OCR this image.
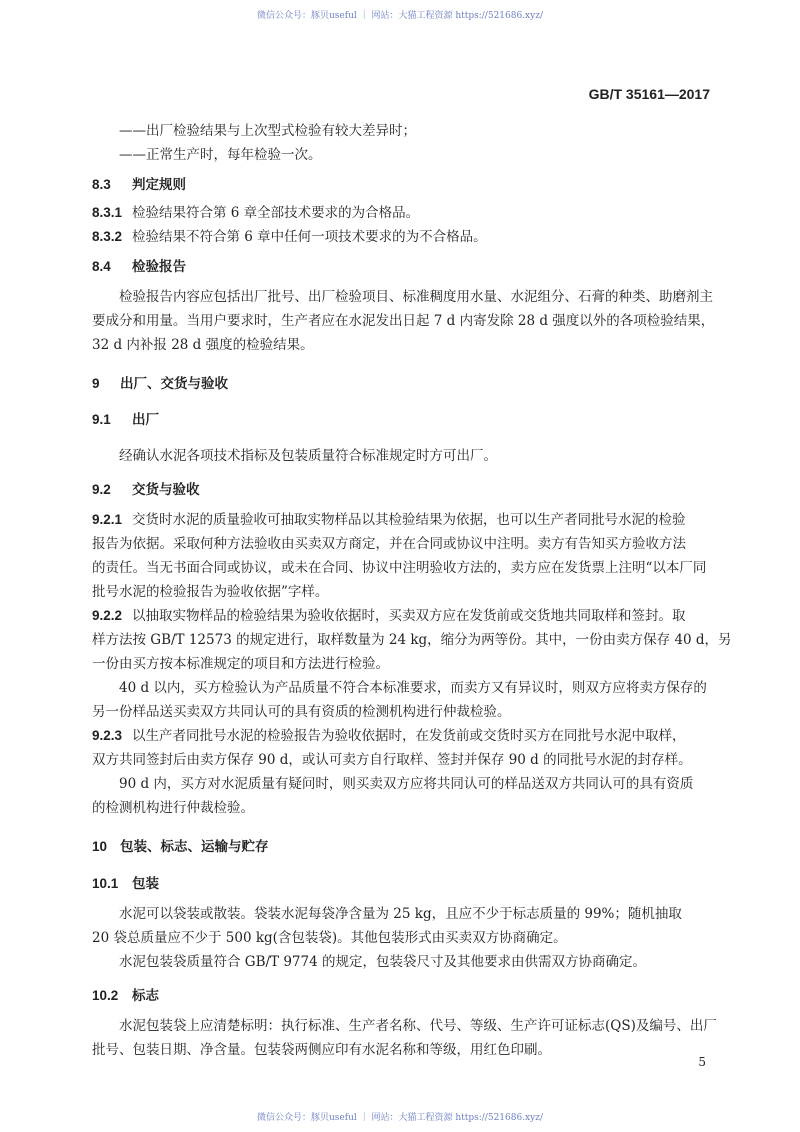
微信公众号：豚贝useful ｜ 网站：大猫工程资源 https://521686.xyz/
GB/T 35161—2017
——出厂检验结果与上次型式检验有较大差异时；
——正常生产时，每年检验一次。
8.3 判定规则
8.3.1 检验结果符合第 6 章全部技术要求的为合格品。
8.3.2 检验结果不符合第 6 章中任何一项技术要求的为不合格品。
8.4 检验报告
检验报告内容应包括出厂批号、出厂检验项目、标准稠度用水量、水泥组分、石膏的种类、助磨剂主
要成分和用量。当用户要求时，生产者应在水泥发出日起 7 d 内寄发除 28 d 强度以外的各项检验结果，
32 d 内补报 28 d 强度的检验结果。
9 出厂、交货与验收
9.1 出厂
经确认水泥各项技术指标及包装质量符合标准规定时方可出厂。
9.2 交货与验收
9.2.1 交货时水泥的质量验收可抽取实物样品以其检验结果为依据，也可以生产者同批号水泥的检验
报告为依据。采取何种方法验收由买卖双方商定，并在合同或协议中注明。卖方有告知买方验收方法
的责任。当无书面合同或协议，或未在合同、协议中注明验收方法的，卖方应在发货票上注明“以本厂同
批号水泥的检验报告为验收依据”字样。
9.2.2 以抽取实物样品的检验结果为验收依据时，买卖双方应在发货前或交货地共同取样和签封。取
样方法按 GB/T 12573 的规定进行，取样数量为 24 kg，缩分为两等份。其中，一份由卖方保存 40 d，另
一份由买方按本标准规定的项目和方法进行检验。
40 d 以内，买方检验认为产品质量不符合本标准要求，而卖方又有异议时，则双方应将卖方保存的
另一份样品送买卖双方共同认可的具有资质的检测机构进行仲裁检验。
9.2.3 以生产者同批号水泥的检验报告为验收依据时，在发货前或交货时买方在同批号水泥中取样，
双方共同签封后由卖方保存 90 d，或认可卖方自行取样、签封并保存 90 d 的同批号水泥的封存样。
90 d 内，买方对水泥质量有疑问时，则买卖双方应将共同认可的样品送双方共同认可的具有资质
的检测机构进行仲裁检验。
10 包装、标志、运输与贮存
10.1 包装
水泥可以袋装或散装。袋装水泥每袋净含量为 25 kg，且应不少于标志质量的 99%；随机抽取
20 袋总质量应不少于 500 kg(含包装袋)。其他包装形式由买卖双方协商确定。
水泥包装袋质量符合 GB/T 9774 的规定，包装袋尺寸及其他要求由供需双方协商确定。
10.2 标志
水泥包装袋上应清楚标明：执行标准、生产者名称、代号、等级、生产许可证标志(QS)及编号、出厂
批号、包装日期、净含量。包装袋两侧应印有水泥名称和等级，用红色印刷。
5
微信公众号：豚贝useful ｜ 网站：大猫工程资源 https://521686.xyz/
